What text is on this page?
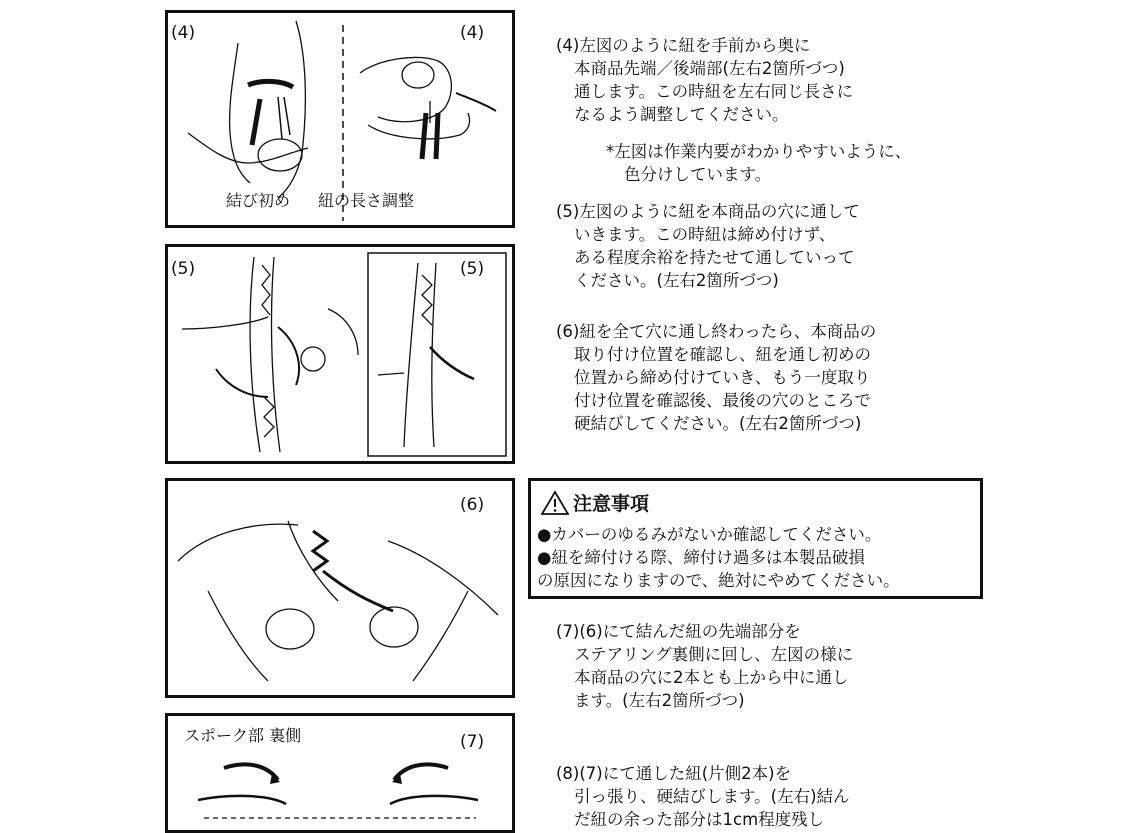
(4)	(4)
結び初め 紐の長さ調整
(5)	(5)
(6)
スポーク部 裏側	(7)
(4)左図のように紐を手前から奥に
本商品先端／後端部(左右2箇所づつ)
通します。この時紐を左右同じ長さに
なるよう調整してください。
*左図は作業内要がわかりやすいように、
色分けしています。
(5)左図のように紐を本商品の穴に通して
いきます。この時紐は締め付けず、
ある程度余裕を持たせて通していって
ください。(左右2箇所づつ)
(6)紐を全て穴に通し終わったら、本商品の
取り付け位置を確認し、紐を通し初めの
位置から締め付けていき、もう一度取り
付け位置を確認後、最後の穴のところで
硬結びしてください。(左右2箇所づつ)
注意事項
●カバーのゆるみがないか確認してください。
●紐を締付ける際、締付け過多は本製品破損
の原因になりますので、絶対にやめてください。
(7)(6)にて結んだ紐の先端部分を
ステアリング裏側に回し、左図の様に
本商品の穴に2本とも上から中に通し
ます。(左右2箇所づつ)
(8)(7)にて通した紐(片側2本)を
引っ張り、硬結びします。(左右)結ん
だ紐の余った部分は1cm程度残し
